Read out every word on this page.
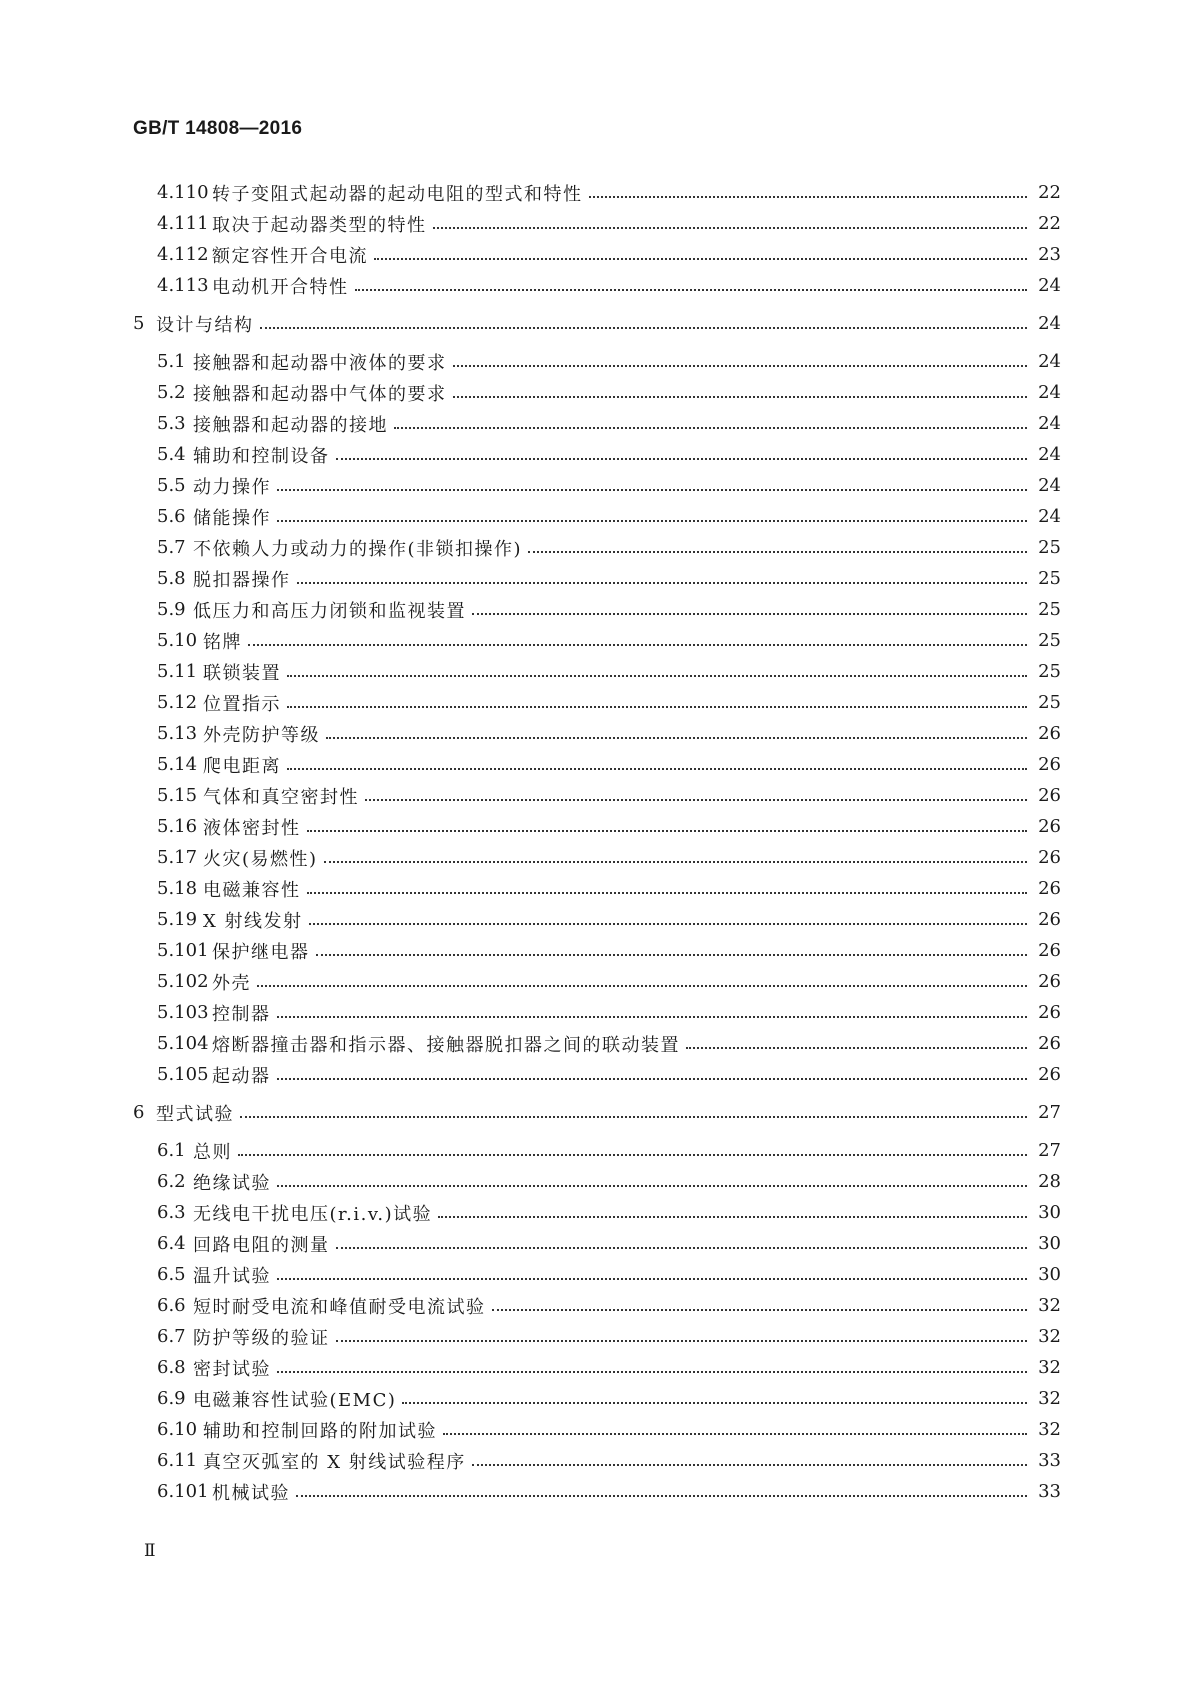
GB/T 14808—2016
4.110 转子变阻式起动器的起动电阻的型式和特性	22
4.111 取决于起动器类型的特性	22
4.112 额定容性开合电流	23
4.113 电动机开合特性	24
5 设计与结构	24
5.1 接触器和起动器中液体的要求	24
5.2 接触器和起动器中气体的要求	24
5.3 接触器和起动器的接地	24
5.4 辅助和控制设备	24
5.5 动力操作	24
5.6 储能操作	24
5.7 不依赖人力或动力的操作(非锁扣操作)	25
5.8 脱扣器操作	25
5.9 低压力和高压力闭锁和监视装置	25
5.10 铭牌	25
5.11 联锁装置	25
5.12 位置指示	25
5.13 外壳防护等级	26
5.14 爬电距离	26
5.15 气体和真空密封性	26
5.16 液体密封性	26
5.17 火灾(易燃性)	26
5.18 电磁兼容性	26
5.19 X 射线发射	26
5.101 保护继电器	26
5.102 外壳	26
5.103 控制器	26
5.104 熔断器撞击器和指示器、接触器脱扣器之间的联动装置	26
5.105 起动器	26
6 型式试验	27
6.1 总则	27
6.2 绝缘试验	28
6.3 无线电干扰电压(r.i.v.)试验	30
6.4 回路电阻的测量	30
6.5 温升试验	30
6.6 短时耐受电流和峰值耐受电流试验	32
6.7 防护等级的验证	32
6.8 密封试验	32
6.9 电磁兼容性试验(EMC)	32
6.10 辅助和控制回路的附加试验	32
6.11 真空灭弧室的 X 射线试验程序	33
6.101 机械试验	33
Ⅱ
